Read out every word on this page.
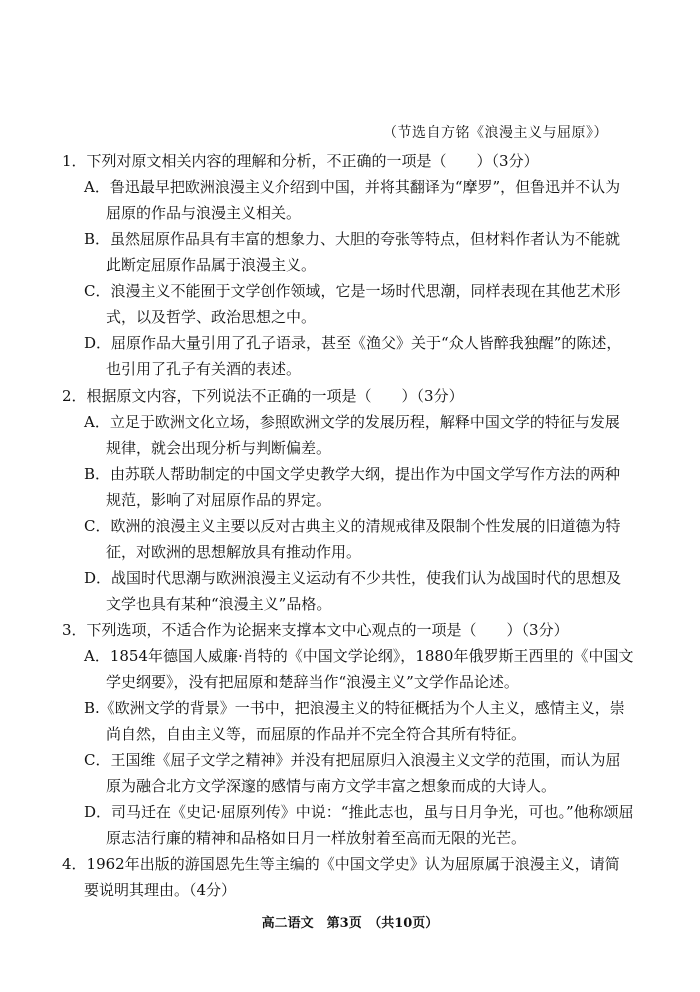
（节选自方铭《浪漫主义与屈原》）
1．下列对原文相关内容的理解和分析，不正确的一项是（　　）（3分）
A．鲁迅最早把欧洲浪漫主义介绍到中国，并将其翻译为“摩罗”，但鲁迅并不认为屈原的作品与浪漫主义相关。
B．虽然屈原作品具有丰富的想象力、大胆的夸张等特点，但材料作者认为不能就此断定屈原作品属于浪漫主义。
C．浪漫主义不能囿于文学创作领域，它是一场时代思潮，同样表现在其他艺术形式，以及哲学、政治思想之中。
D．屈原作品大量引用了孔子语录，甚至《渔父》关于“众人皆醉我独醒”的陈述，也引用了孔子有关酒的表述。
2．根据原文内容，下列说法不正确的一项是（　　）（3分）
A．立足于欧洲文化立场，参照欧洲文学的发展历程，解释中国文学的特征与发展规律，就会出现分析与判断偏差。
B．由苏联人帮助制定的中国文学史教学大纲，提出作为中国文学写作方法的两种规范，影响了对屈原作品的界定。
C．欧洲的浪漫主义主要以反对古典主义的清规戒律及限制个性发展的旧道德为特征，对欧洲的思想解放具有推动作用。
D．战国时代思潮与欧洲浪漫主义运动有不少共性，使我们认为战国时代的思想及文学也具有某种“浪漫主义”品格。
3．下列选项，不适合作为论据来支撑本文中心观点的一项是（　　）（3分）
A．1854年德国人威廉·肖特的《中国文学论纲》，1880年俄罗斯王西里的《中国文学史纲要》，没有把屈原和楚辞当作“浪漫主义”文学作品论述。
B.《欧洲文学的背景》一书中，把浪漫主义的特征概括为个人主义，感情主义，崇尚自然，自由主义等，而屈原的作品并不完全符合其所有特征。
C．王国维《屈子文学之精神》并没有把屈原归入浪漫主义文学的范围，而认为屈原为融合北方文学深邃的感情与南方文学丰富之想象而成的大诗人。
D．司马迁在《史记·屈原列传》中说：“推此志也，虽与日月争光，可也。”他称颂屈原志洁行廉的精神和品格如日月一样放射着至高而无限的光芒。
4．1962年出版的游国恩先生等主编的《中国文学史》认为屈原属于浪漫主义，请简要说明其理由。（4分）
高二语文　第3页　（共10页）
